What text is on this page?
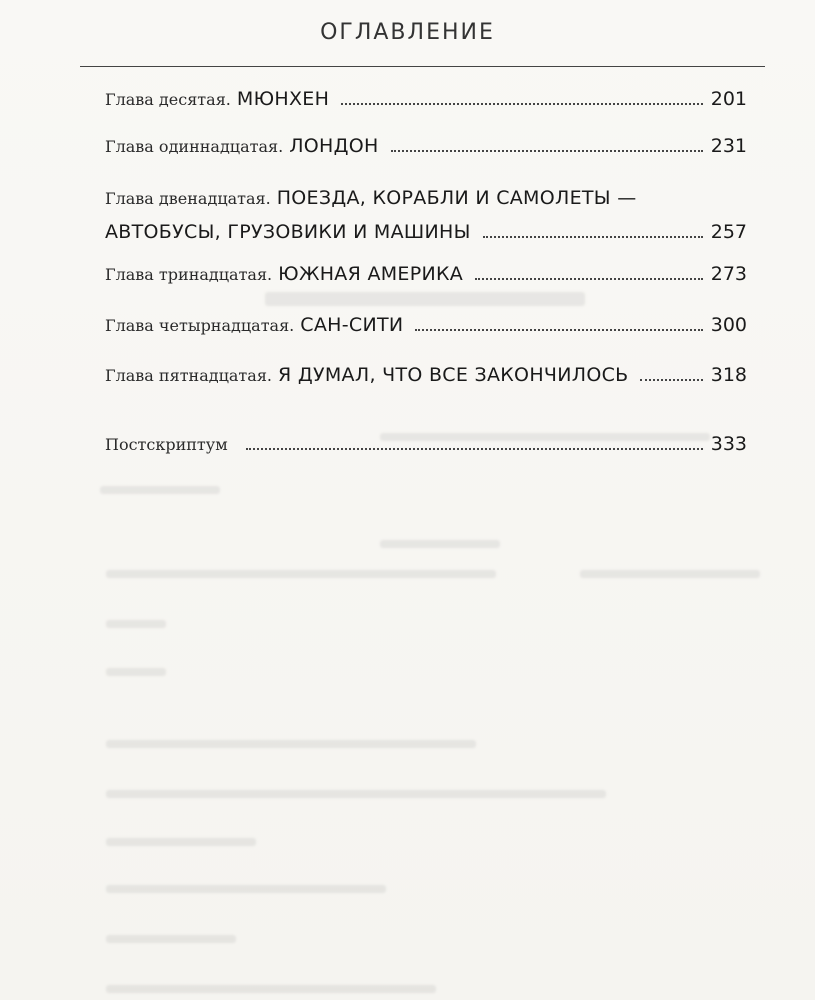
ОГЛАВЛЕНИЕ
Глава десятая. МЮНХЕН	201
Глава одиннадцатая. ЛОНДОН	231
Глава двенадцатая. ПОЕЗДА, КОРАБЛИ И САМОЛЕТЫ —
АВТОБУСЫ, ГРУЗОВИКИ И МАШИНЫ	257
Глава тринадцатая. ЮЖНАЯ АМЕРИКА	273
Глава четырнадцатая. САН-СИТИ	300
Глава пятнадцатая. Я ДУМАЛ, ЧТО ВСЕ ЗАКОНЧИЛОСЬ	318
Постскриптум	333
